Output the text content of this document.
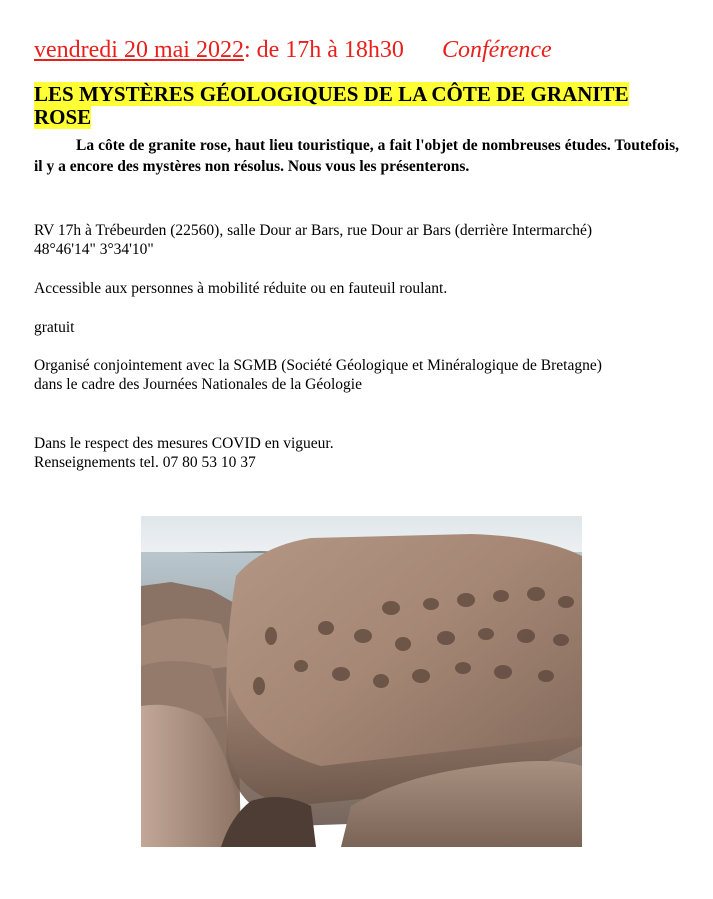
vendredi 20 mai 2022: de 17h à 18h30 Conférence
LES MYSTÈRES GÉOLOGIQUES DE LA CÔTE DE GRANITE ROSE
La côte de granite rose, haut lieu touristique, a fait l'objet de nombreuses études. Toutefois, il y a encore des mystères non résolus. Nous vous les présenterons.
RV 17h à Trébeurden (22560), salle Dour ar Bars, rue Dour ar Bars (derrière Intermarché)
48°46'14" 3°34'10"
Accessible aux personnes à mobilité réduite ou en fauteuil roulant.
gratuit
Organisé conjointement avec la SGMB (Société Géologique et Minéralogique de Bretagne)
dans le cadre des Journées Nationales de la Géologie
Dans le respect des mesures COVID en vigueur.
Renseignements tel. 07 80 53 10 37
